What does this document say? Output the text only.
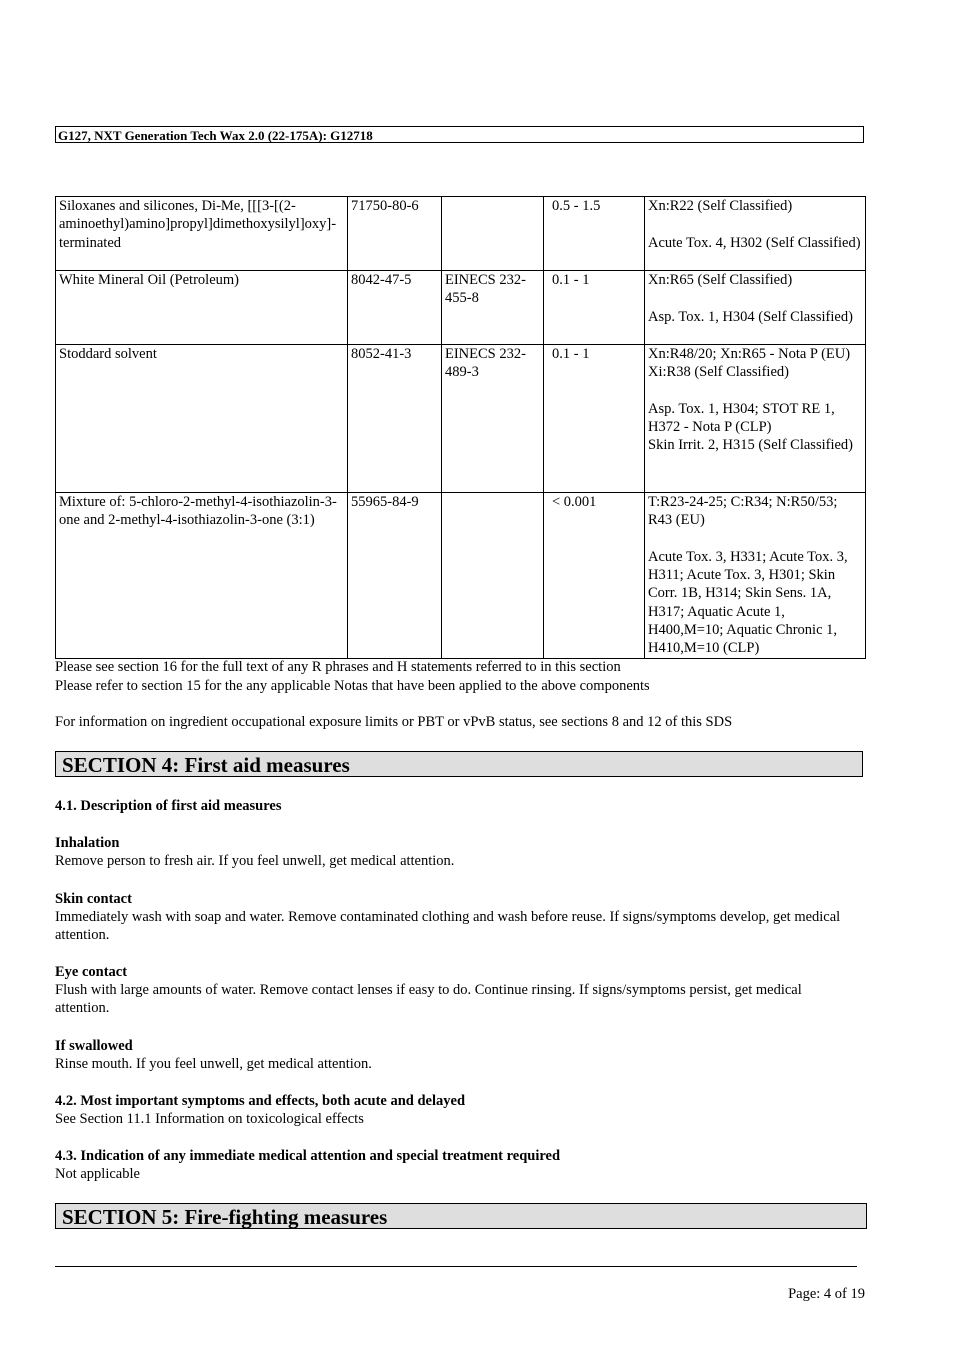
G127, NXT Generation Tech Wax 2.0 (22-175A): G12718
Siloxanes and silicones, Di-Me, [[[3-[(2-aminoethyl)amino]propyl]dimethoxysilyl]oxy]-terminated	71750-80-6		0.5 - 1.5	Xn:R22 (Self Classified)

Acute Tox. 4, H302 (Self Classified)
White Mineral Oil (Petroleum)	8042-47-5	EINECS 232-455-8	0.1 - 1	Xn:R65 (Self Classified)

Asp. Tox. 1, H304 (Self Classified)
Stoddard solvent	8052-41-3	EINECS 232-489-3	0.1 - 1	Xn:R48/20; Xn:R65 - Nota P (EU)
Xi:R38 (Self Classified)

Asp. Tox. 1, H304; STOT RE 1, H372 - Nota P (CLP)
Skin Irrit. 2, H315 (Self Classified)
Mixture of: 5-chloro-2-methyl-4-isothiazolin-3-one and 2-methyl-4-isothiazolin-3-one (3:1)	55965-84-9		< 0.001	T:R23-24-25; C:R34; N:R50/53; R43 (EU)

Acute Tox. 3, H331; Acute Tox. 3, H311; Acute Tox. 3, H301; Skin Corr. 1B, H314; Skin Sens. 1A, H317; Aquatic Acute 1, H400,M=10; Aquatic Chronic 1, H410,M=10 (CLP)
Please see section 16 for the full text of any R phrases and H statements referred to in this section
Please refer to section 15 for the any applicable Notas that have been applied to the above components
For information on ingredient occupational exposure limits or PBT or vPvB status, see sections 8 and 12 of this SDS
SECTION 4: First aid measures
4.1. Description of first aid measures
Inhalation
Remove person to fresh air. If you feel unwell, get medical attention.
Skin contact
Immediately wash with soap and water. Remove contaminated clothing and wash before reuse. If signs/symptoms develop, get medical attention.
Eye contact
Flush with large amounts of water. Remove contact lenses if easy to do. Continue rinsing. If signs/symptoms persist, get medical attention.
If swallowed
Rinse mouth. If you feel unwell, get medical attention.
4.2. Most important symptoms and effects, both acute and delayed
See Section 11.1 Information on toxicological effects
4.3. Indication of any immediate medical attention and special treatment required
Not applicable
SECTION 5: Fire-fighting measures
Page: 4 of 19
